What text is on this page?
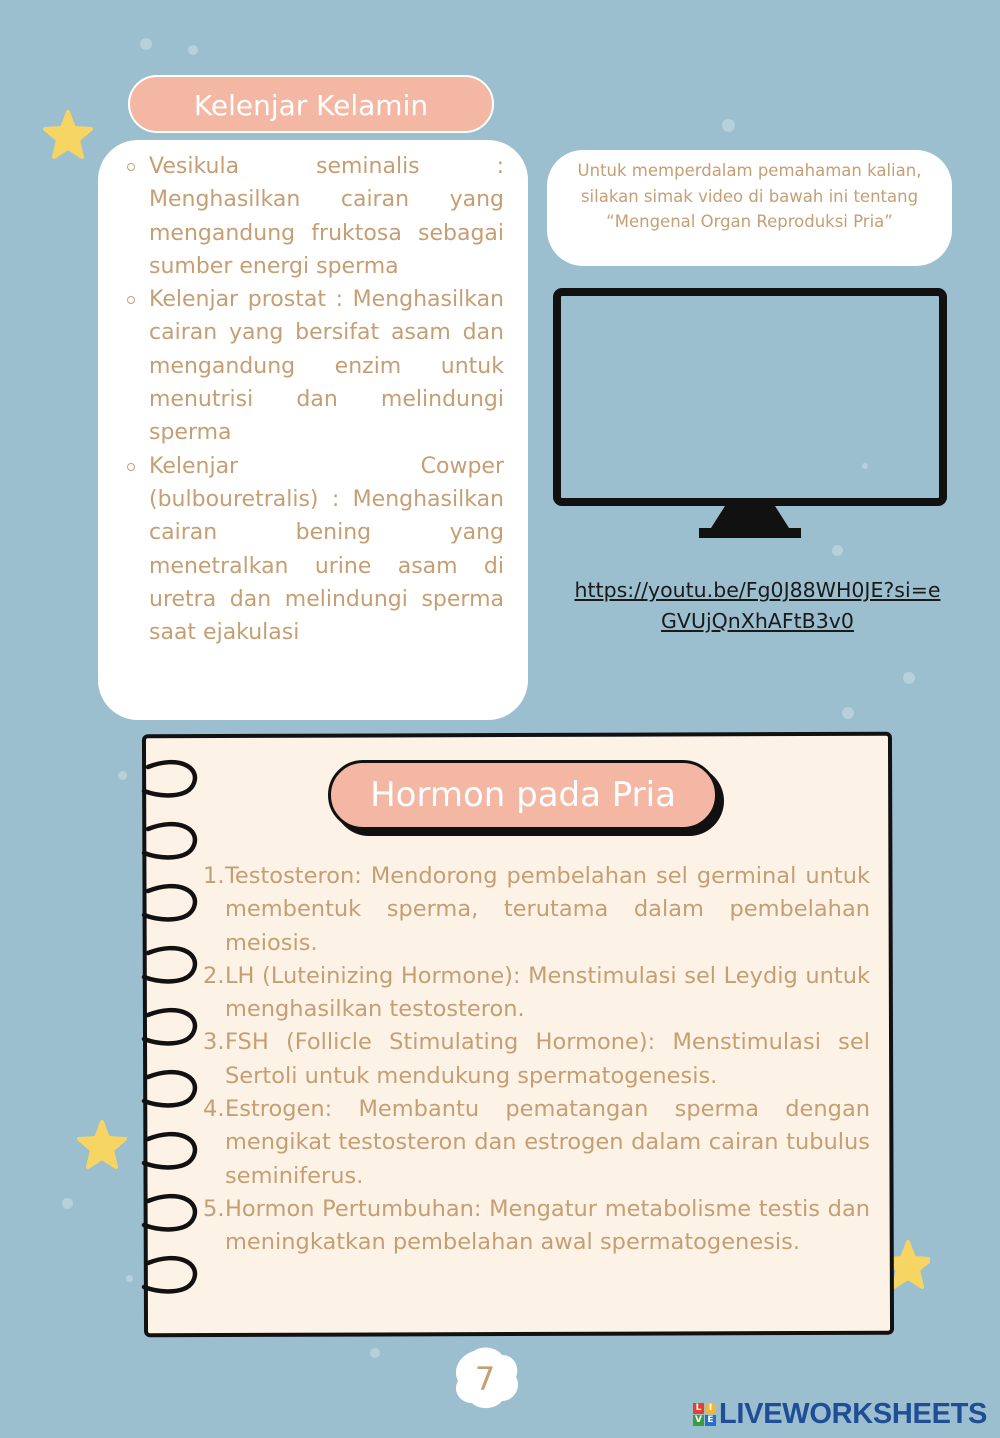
Vesikula seminalis : Menghasilkan cairan yang mengandung fruktosa sebagai sumber energi sperma
Kelenjar prostat : Menghasilkan cairan yang bersifat asam dan mengandung enzim untuk menutrisi dan melindungi sperma
Kelenjar Cowper (bulbouretralis) : Menghasilkan cairan bening yang menetralkan urine asam di uretra dan melindungi sperma saat ejakulasi
Kelenjar Kelamin
Untuk memperdalam pemahaman kalian, silakan simak video di bawah ini tentang “Mengenal Organ Reproduksi Pria”
https://youtu.be/Fg0J88WH0JE?si=eGVUjQnXhAFtB3v0
Hormon pada Pria
1. Testosteron: Mendorong pembelahan sel germinal untuk membentuk sperma, terutama dalam pembelahan meiosis.
2. LH (Luteinizing Hormone): Menstimulasi sel Leydig untuk menghasilkan testosteron.
3. FSH (Follicle Stimulating Hormone): Menstimulasi sel Sertoli untuk mendukung spermatogenesis.
4. Estrogen: Membantu pematangan sperma dengan mengikat testosteron dan estrogen dalam cairan tubulus seminiferus.
5. Hormon Pertumbuhan: Mengatur metabolisme testis dan meningkatkan pembelahan awal spermatogenesis.
7
L I
V E LIVEWORKSHEETS
